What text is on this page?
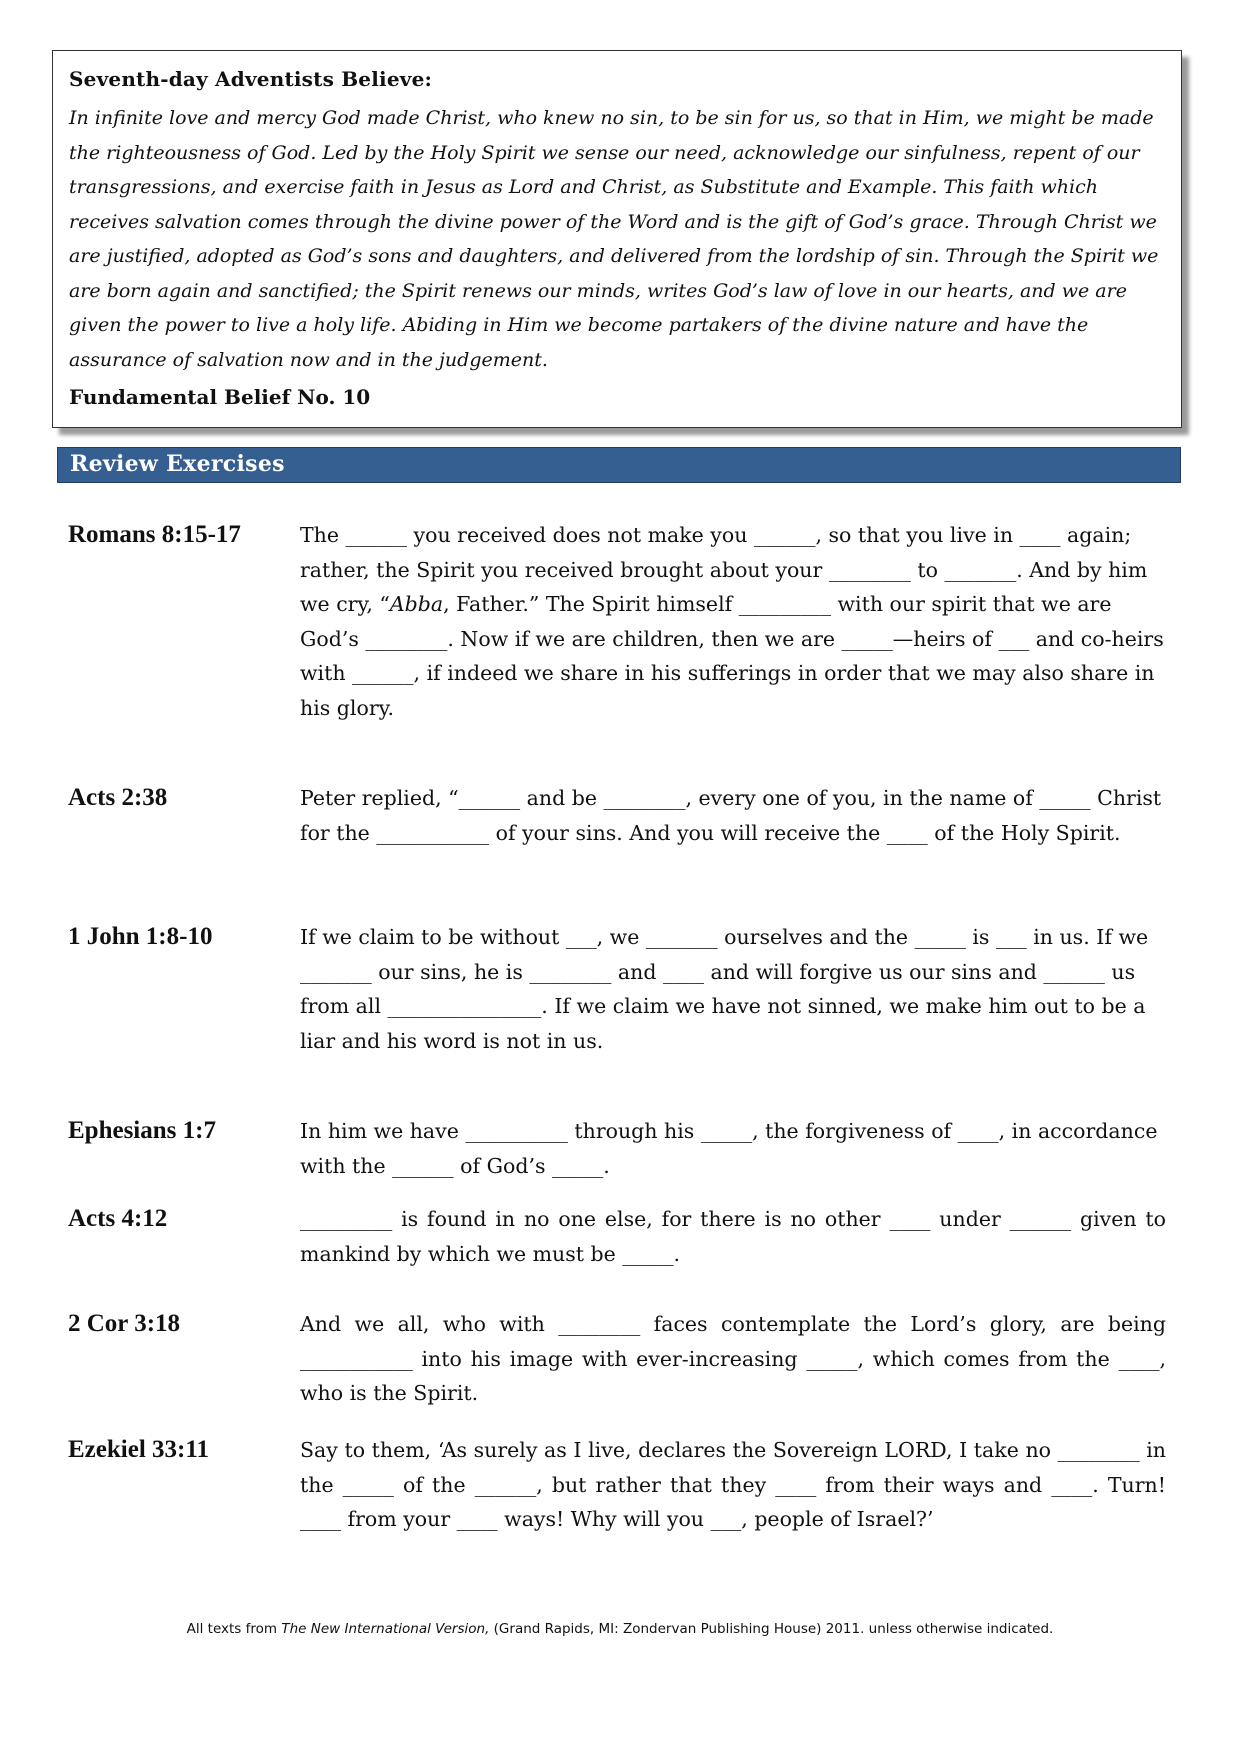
Seventh-day Adventists Believe:

In infinite love and mercy God made Christ, who knew no sin, to be sin for us, so that in Him, we might be made the righteousness of God. Led by the Holy Spirit we sense our need, acknowledge our sinfulness, repent of our transgressions, and exercise faith in Jesus as Lord and Christ, as Substitute and Example. This faith which receives salvation comes through the divine power of the Word and is the gift of God’s grace. Through Christ we are justified, adopted as God’s sons and daughters, and delivered from the lordship of sin. Through the Spirit we are born again and sanctified; the Spirit renews our minds, writes God’s law of love in our hearts, and we are given the power to live a holy life. Abiding in Him we become partakers of the divine nature and have the assurance of salvation now and in the judgement.

Fundamental Belief No. 10
Review Exercises
Romans 8:15-17	The ______ you received does not make you ______, so that you live in ____ again; rather, the Spirit you received brought about your ________ to _______. And by him we cry, “Abba, Father.” The Spirit himself _________ with our spirit that we are God’s ________. Now if we are children, then we are _____—heirs of ___ and co-heirs with ______, if indeed we share in his sufferings in order that we may also share in his glory.
Acts 2:38	Peter replied, “______ and be ________, every one of you, in the name of _____ Christ for the ___________ of your sins. And you will receive the ____ of the Holy Spirit.
1 John 1:8-10	If we claim to be without ___, we _______ ourselves and the _____ is ___ in us. If we _______ our sins, he is ________ and ____ and will forgive us our sins and ______ us from all _______________. If we claim we have not sinned, we make him out to be a liar and his word is not in us.
Ephesians 1:7	In him we have __________ through his _____, the forgiveness of ____, in accordance with the ______ of God’s _____.
Acts 4:12	_________ is found in no one else, for there is no other ____ under ______ given to mankind by which we must be _____.
2 Cor 3:18	And we all, who with ________ faces contemplate the Lord’s glory, are being ___________ into his image with ever-increasing _____, which comes from the ____, who is the Spirit.
Ezekiel 33:11	Say to them, ‘As surely as I live, declares the Sovereign LORD, I take no ________ in the _____ of the ______, but rather that they ____ from their ways and ____. Turn! ____ from your ____ ways! Why will you ___, people of Israel?’
All texts from The New International Version, (Grand Rapids, MI: Zondervan Publishing House) 2011. unless otherwise indicated.
